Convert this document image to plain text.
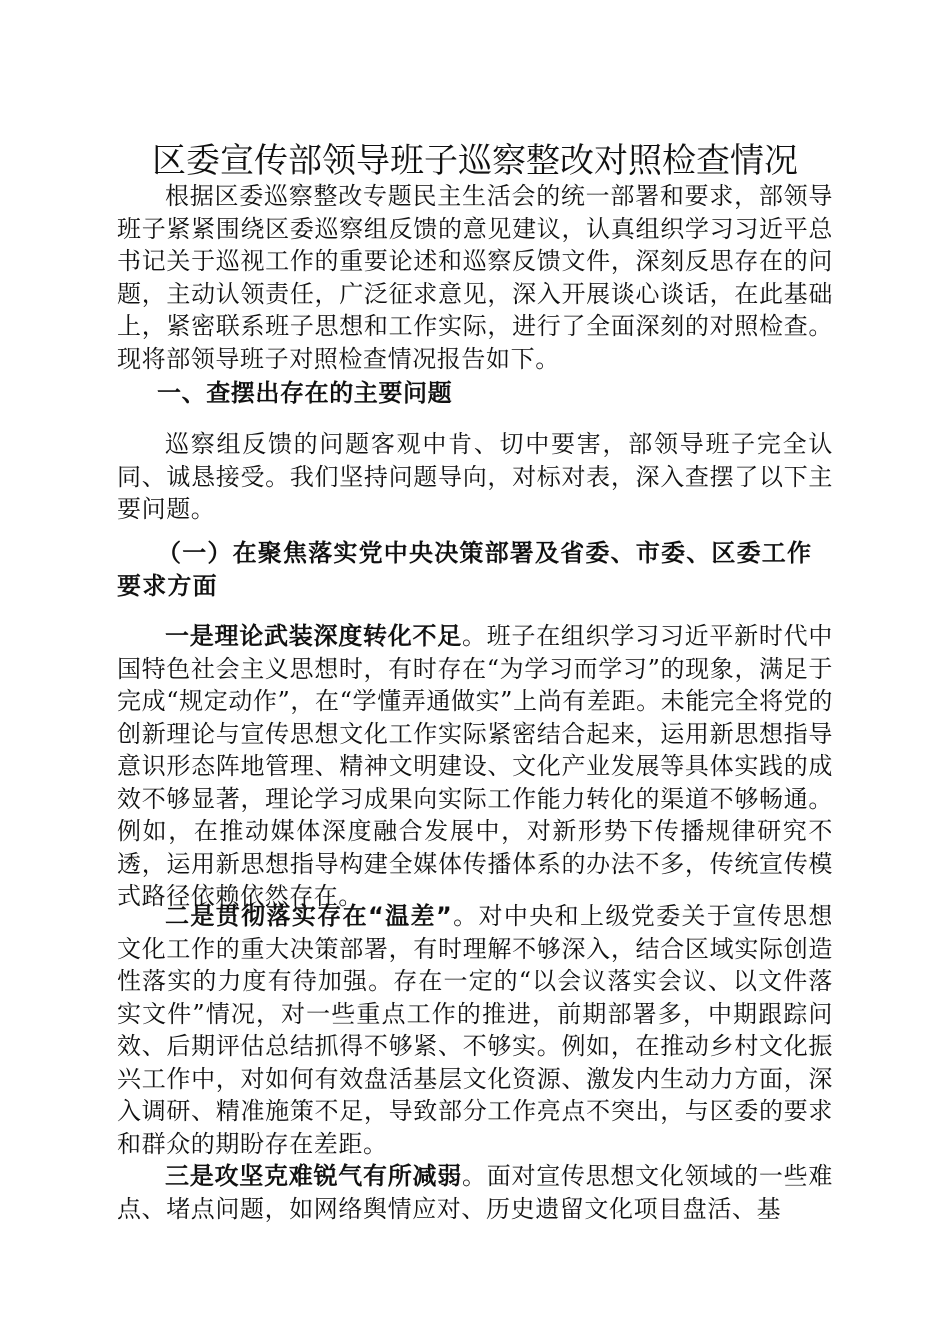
区委宣传部领导班子巡察整改对照检查情况

根据区委巡察整改专题民主生活会的统一部署和要求，部领导班子紧紧围绕区委巡察组反馈的意见建议，认真组织学习习近平总书记关于巡视工作的重要论述和巡察反馈文件，深刻反思存在的问题，主动认领责任，广泛征求意见，深入开展谈心谈话，在此基础上，紧密联系班子思想和工作实际，进行了全面深刻的对照检查。现将部领导班子对照检查情况报告如下。

一、查摆出存在的主要问题

巡察组反馈的问题客观中肯、切中要害，部领导班子完全认同、诚恳接受。我们坚持问题导向，对标对表，深入查摆了以下主要问题。

（一）在聚焦落实党中央决策部署及省委、市委、区委工作要求方面

一是理论武装深度转化不足。班子在组织学习习近平新时代中国特色社会主义思想时，有时存在“为学习而学习”的现象，满足于完成“规定动作”，在“学懂弄通做实”上尚有差距。未能完全将党的创新理论与宣传思想文化工作实际紧密结合起来，运用新思想指导意识形态阵地管理、精神文明建设、文化产业发展等具体实践的成效不够显著，理论学习成果向实际工作能力转化的渠道不够畅通。例如，在推动媒体深度融合发展中，对新形势下传播规律研究不透，运用新思想指导构建全媒体传播体系的办法不多，传统宣传模式路径依赖依然存在。

二是贯彻落实存在“温差”。对中央和上级党委关于宣传思想文化工作的重大决策部署，有时理解不够深入，结合区域实际创造性落实的力度有待加强。存在一定的“以会议落实会议、以文件落实文件”情况，对一些重点工作的推进，前期部署多，中期跟踪问效、后期评估总结抓得不够紧、不够实。例如，在推动乡村文化振兴工作中，对如何有效盘活基层文化资源、激发内生动力方面，深入调研、精准施策不足，导致部分工作亮点不突出，与区委的要求和群众的期盼存在差距。

三是攻坚克难锐气有所减弱。面对宣传思想文化领域的一些难点、堵点问题，如网络舆情应对、历史遗留文化项目盘活、基
